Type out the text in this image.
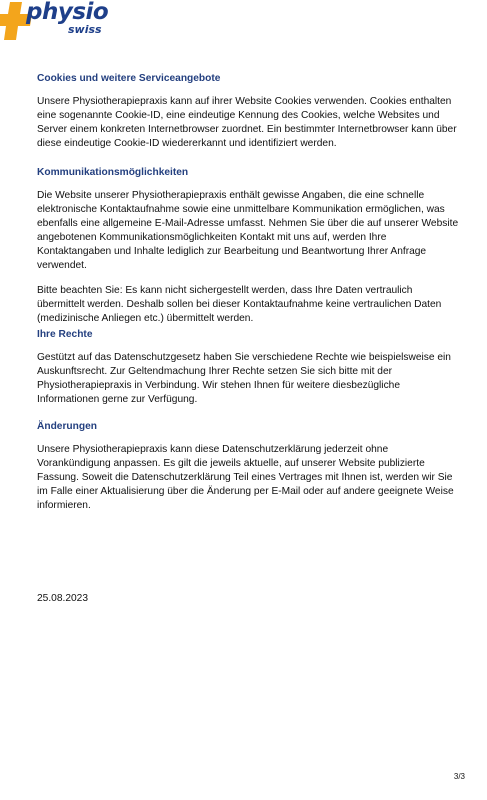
physio
swiss
Cookies und weitere Serviceangebote

Unsere Physiotherapiepraxis kann auf ihrer Website Cookies verwenden. Cookies enthalten eine sogenannte Cookie-ID, eine eindeutige Kennung des Cookies, welche Websites und Server einem konkreten Internetbrowser zuordnet. Ein bestimmter Internetbrowser kann über diese eindeutige Cookie-ID wiedererkannt und identifiziert werden.

Kommunikationsmöglichkeiten

Die Website unserer Physiotherapiepraxis enthält gewisse Angaben, die eine schnelle elektronische Kontaktaufnahme sowie eine unmittelbare Kommunikation ermöglichen, was ebenfalls eine allgemeine E-Mail-Adresse umfasst. Nehmen Sie über die auf unserer Website angebotenen Kommunikationsmöglichkeiten Kontakt mit uns auf, werden Ihre Kontaktangaben und Inhalte lediglich zur Bearbeitung und Beantwortung Ihrer Anfrage verwendet.

Bitte beachten Sie: Es kann nicht sichergestellt werden, dass Ihre Daten vertraulich übermittelt werden. Deshalb sollen bei dieser Kontaktaufnahme keine vertraulichen Daten (medizinische Anliegen etc.) übermittelt werden.

Ihre Rechte

Gestützt auf das Datenschutzgesetz haben Sie verschiedene Rechte wie beispielsweise ein Auskunftsrecht. Zur Geltendmachung Ihrer Rechte setzen Sie sich bitte mit der Physiotherapiepraxis in Verbindung. Wir stehen Ihnen für weitere diesbezügliche Informationen gerne zur Verfügung.

Änderungen

Unsere Physiotherapiepraxis kann diese Datenschutzerklärung jederzeit ohne Vorankündigung anpassen. Es gilt die jeweils aktuelle, auf unserer Website publizierte Fassung. Soweit die Datenschutzerklärung Teil eines Vertrages mit Ihnen ist, werden wir Sie im Falle einer Aktualisierung über die Änderung per E-Mail oder auf andere geeignete Weise informieren.

25.08.2023
3/3
